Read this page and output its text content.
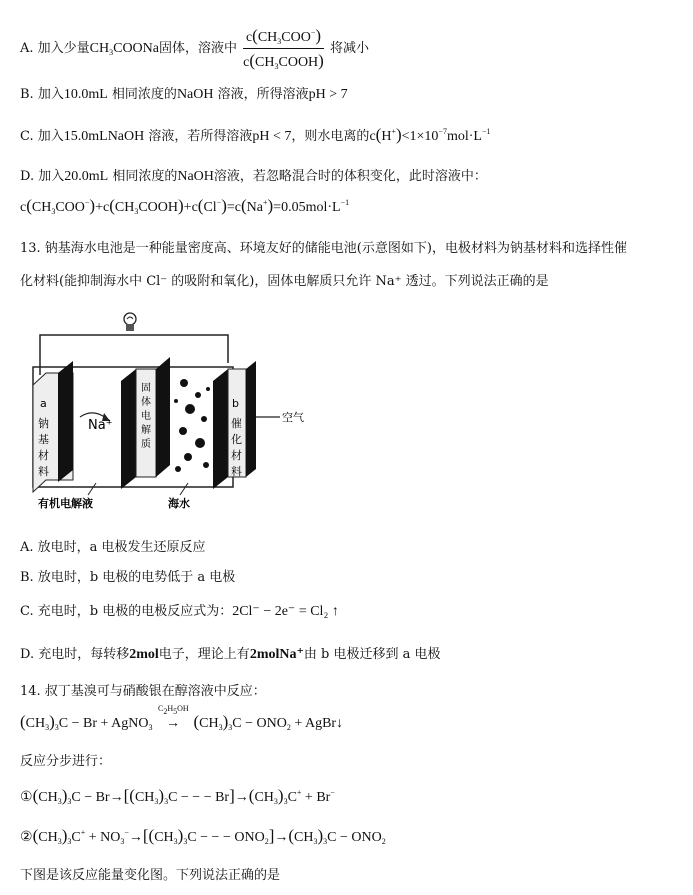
A. 加入少量$CH_3COONa$固体，溶液中 $\frac{c(CH_3COO^-)}{c(CH_3COOH)}$ 将减小
B. 加入10.0mL 相同浓度的NaOH 溶液，所得溶液pH > 7
C. 加入15.0mLNaOH 溶液，若所得溶液pH < 7，则水电离的$c(H^+)<1\times 10^{-7}mol\cdot L^{-1}$
D. 加入20.0mL 相同浓度的NaOH溶液，若忽略混合时的体积变化，此时溶液中：
$c(CH_3COO^-)+c(CH_3COOH)+c(Cl^-)=c(Na^+)=0.05mol\cdot L^{-1}$
13. 钠基海水电池是一种能量密度高、环境友好的储能电池(示意图如下)，电极材料为钠基材料和选择性催
化材料(能抑制海水中 Cl⁻ 的吸附和氧化)，固体电解质只允许 Na⁺ 透过。下列说法正确的是
a
钠
基
材
料
Na⁺
固
体
电
解
质
b
催
化
材
料
空气
有机电解液	海水
A. 放电时，a 电极发生还原反应
B. 放电时，b 电极的电势低于 a 电极
C. 充电时，b 电极的电极反应式为：2Cl⁻ − 2e⁻ = Cl₂ ↑
D. 充电时，每转移2mol电子，理论上有2molNa⁺由 b 电极迁移到 a 电极
14. 叔丁基溴可与硝酸银在醇溶液中反应：
$(CH_3)_3C - Br$ + AgNO$_3$
$C_2H_5OH$
→ $(CH_3)_3C - ONO_2$ + AgBr↓
反应分步进行：
$①(CH_3)_3C - Br\to[(CH_3)_3C$ − − − $Br]\to(CH_3)_3C^+ + Br^-$
$②(CH_3)_3C^+ + NO_3^-\to[(CH_3)_3C$ − − − $ONO_2]\to(CH_3)_3C - ONO_2$
下图是该反应能量变化图。下列说法正确的是
